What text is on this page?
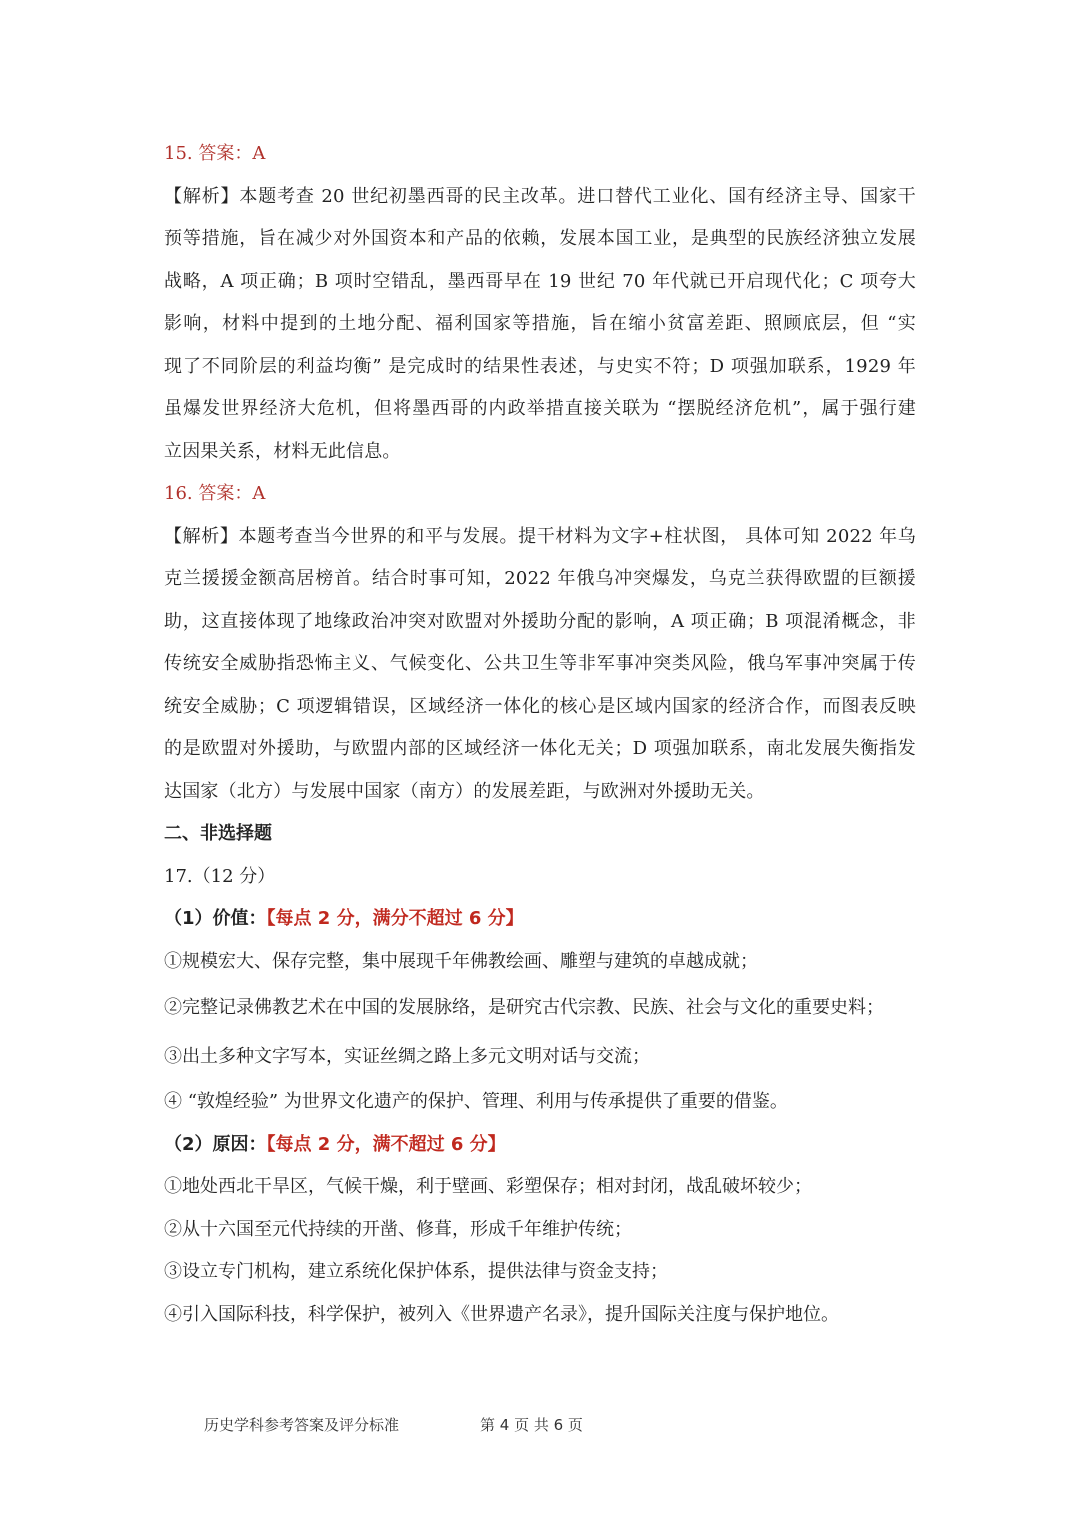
15. 答案：A
【解析】本题考查 20 世纪初墨西哥的民主改革。进口替代工业化、国有经济主导、国家干
预等措施，旨在减少对外国资本和产品的依赖，发展本国工业，是典型的民族经济独立发展
战略，A 项正确；B 项时空错乱，墨西哥早在 19 世纪 70 年代就已开启现代化；C 项夸大
影响，材料中提到的土地分配、福利国家等措施，旨在缩小贫富差距、照顾底层，但 “实
现了不同阶层的利益均衡” 是完成时的结果性表述，与史实不符；D 项强加联系，1929 年
虽爆发世界经济大危机，但将墨西哥的内政举措直接关联为 “摆脱经济危机”，属于强行建
立因果关系，材料无此信息。
16. 答案：A
【解析】本题考查当今世界的和平与发展。提干材料为文字+柱状图， 具体可知 2022 年乌
克兰援援金额高居榜首。结合时事可知，2022 年俄乌冲突爆发，乌克兰获得欧盟的巨额援
助，这直接体现了地缘政治冲突对欧盟对外援助分配的影响，A 项正确；B 项混淆概念，非
传统安全威胁指恐怖主义、气候变化、公共卫生等非军事冲突类风险，俄乌军事冲突属于传
统安全威胁；C 项逻辑错误，区域经济一体化的核心是区域内国家的经济合作，而图表反映
的是欧盟对外援助，与欧盟内部的区域经济一体化无关；D 项强加联系，南北发展失衡指发
达国家（北方）与发展中国家（南方）的发展差距，与欧洲对外援助无关。
二、非选择题
17.（12 分）
（1）价值：【每点 2 分，满分不超过 6 分】
①规模宏大、保存完整，集中展现千年佛教绘画、雕塑与建筑的卓越成就；
②完整记录佛教艺术在中国的发展脉络，是研究古代宗教、民族、社会与文化的重要史料；
③出土多种文字写本，实证丝绸之路上多元文明对话与交流；
④ “敦煌经验” 为世界文化遗产的保护、管理、利用与传承提供了重要的借鉴。
（2）原因：【每点 2 分，满不超过 6 分】
①地处西北干旱区，气候干燥，利于壁画、彩塑保存；相对封闭，战乱破坏较少；
②从十六国至元代持续的开凿、修葺，形成千年维护传统；
③设立专门机构，建立系统化保护体系，提供法律与资金支持；
④引入国际科技，科学保护，被列入《世界遗产名录》，提升国际关注度与保护地位。
历史学科参考答案及评分标准	第 4 页 共 6 页
